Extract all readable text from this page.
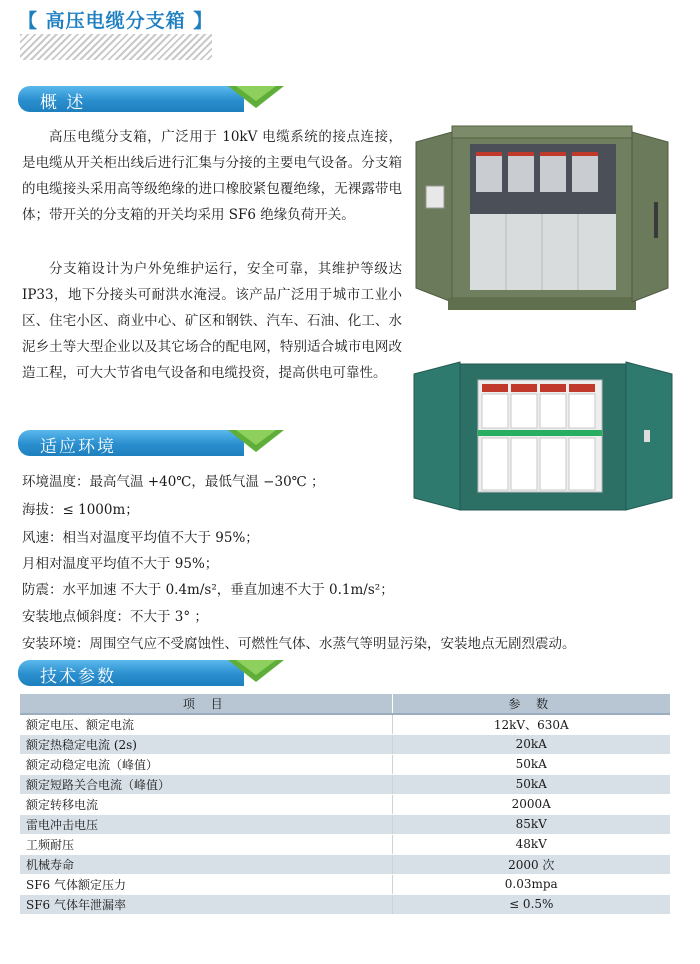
【 高压电缆分支箱 】
概 述
高压电缆分支箱，广泛用于 10kV 电缆系统的接点连接，是电缆从开关柜出线后进行汇集与分接的主要电气设备。分支箱的电缆接头采用高等级绝缘的进口橡胶紧包覆绝缘，无裸露带电体；带开关的分支箱的开关均采用 SF6 绝缘负荷开关。
分支箱设计为户外免维护运行，安全可靠，其维护等级达 IP33，地下分接头可耐洪水淹浸。该产品广泛用于城市工业小区、住宅小区、商业中心、矿区和钢铁、汽车、石油、化工、水泥乡土等大型企业以及其它场合的配电网，特别适合城市电网改造工程，可大大节省电气设备和电缆投资，提高供电可靠性。
适应环境
环境温度：最高气温 +40℃，最低气温 −30℃ ；
海拔：≤ 1000m；
风速：相当对温度平均值不大于 95%；
月相对温度平均值不大于 95%；
防震：水平加速 不大于 0.4m/s²，垂直加速不大于 0.1m/s²；
安装地点倾斜度：不大于 3° ；
安装环境：周围空气应不受腐蚀性、可燃性气体、水蒸气等明显污染，安装地点无剧烈震动。
技术参数
项 目	参 数
额定电压、额定电流	12kV、630A
额定热稳定电流 (2s)	20kA
额定动稳定电流（峰值）	50kA
额定短路关合电流（峰值）	50kA
额定转移电流	2000A
雷电冲击电压	85kV
工频耐压	48kV
机械寿命	2000 次
SF6 气体额定压力	0.03mpa
SF6 气体年泄漏率	≤ 0.5%
